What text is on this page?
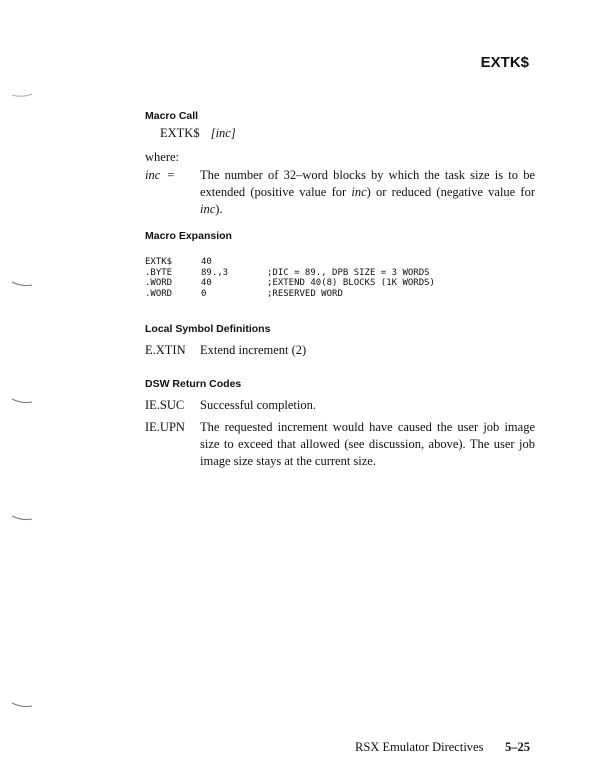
EXTK$
Macro Call
EXTK$ [inc]
where:
inc =	The number of 32–word blocks by which the task size is to be extended (positive value for inc) or reduced (negative value for inc).
Macro Expansion
EXTK$	40
.BYTE	89.,3	;DIC = 89., DPB SIZE = 3 WORDS
.WORD	40	;EXTEND 40(8) BLOCKS (1K WORDS)
.WORD	0	;RESERVED WORD
Local Symbol Definitions
E.XTIN	Extend increment (2)
DSW Return Codes
IE.SUC	Successful completion.
IE.UPN	The requested increment would have caused the user job image size to exceed that allowed (see discussion, above). The user job image size stays at the current size.
RSX Emulator Directives 5–25
